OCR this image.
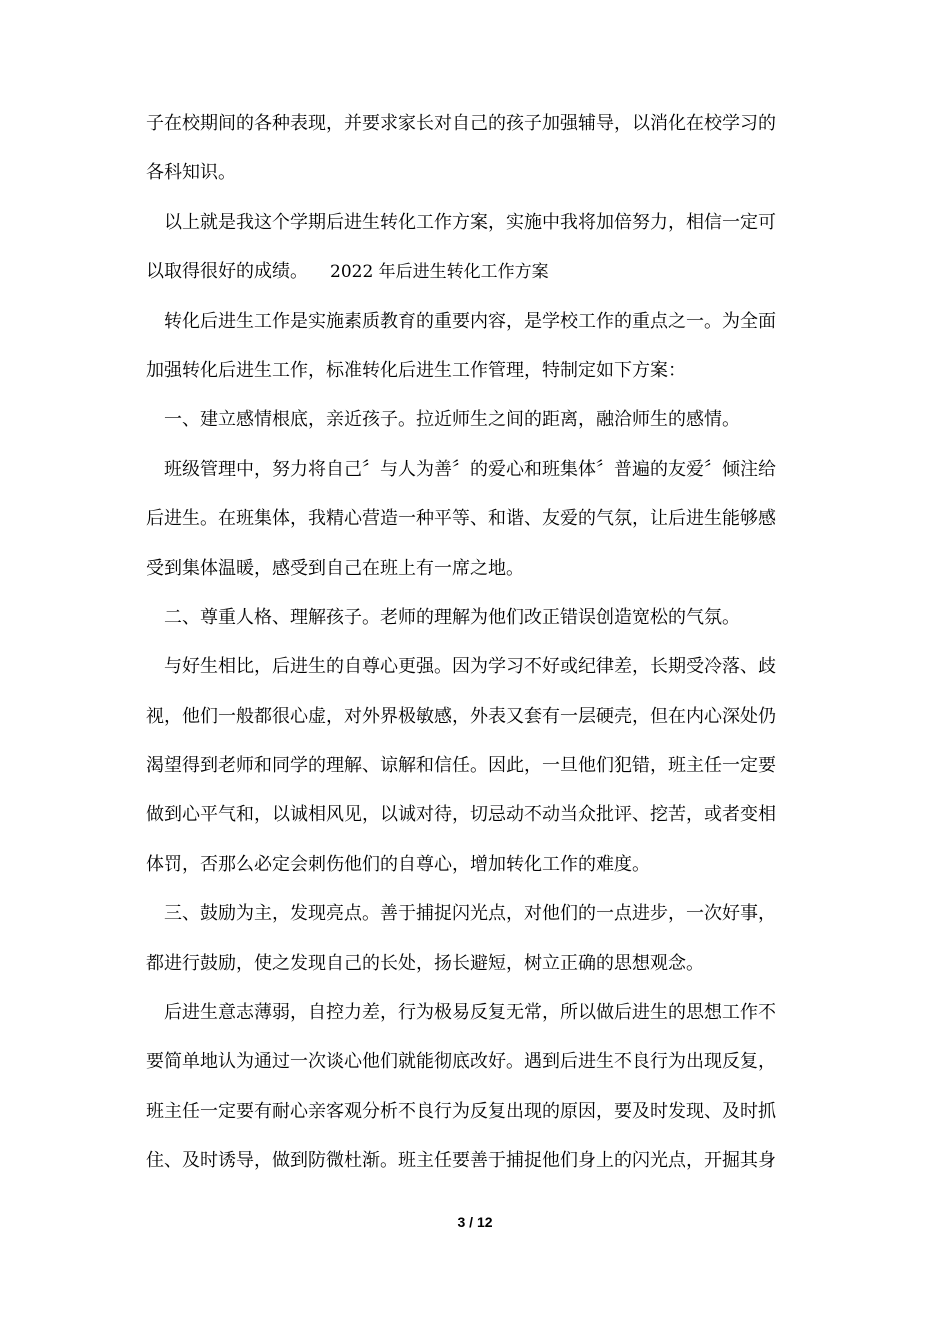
子在校期间的各种表现，并要求家长对自己的孩子加强辅导，以消化在校学习的
各科知识。
以上就是我这个学期后进生转化工作方案，实施中我将加倍努力，相信一定可
以取得很好的成绩。 2022 年后进生转化工作方案
转化后进生工作是实施素质教育的重要内容，是学校工作的重点之一。为全面
加强转化后进生工作，标准转化后进生工作管理，特制定如下方案：
一、建立感情根底，亲近孩子。拉近师生之间的距离，融洽师生的感情。
班级管理中，努力将自己〞与人为善〞的爱心和班集体〞普遍的友爱〞倾注给
后进生。在班集体，我精心营造一种平等、和谐、友爱的气氛，让后进生能够感
受到集体温暖，感受到自己在班上有一席之地。
二、尊重人格、理解孩子。老师的理解为他们改正错误创造宽松的气氛。
与好生相比，后进生的自尊心更强。因为学习不好或纪律差，长期受冷落、歧
视，他们一般都很心虚，对外界极敏感，外表又套有一层硬壳，但在内心深处仍
渴望得到老师和同学的理解、谅解和信任。因此，一旦他们犯错，班主任一定要
做到心平气和，以诚相风见，以诚对待，切忌动不动当众批评、挖苦，或者变相
体罚，否那么必定会刺伤他们的自尊心，增加转化工作的难度。
三、鼓励为主，发现亮点。善于捕捉闪光点，对他们的一点进步，一次好事，
都进行鼓励，使之发现自己的长处，扬长避短，树立正确的思想观念。
后进生意志薄弱，自控力差，行为极易反复无常，所以做后进生的思想工作不
要简单地认为通过一次谈心他们就能彻底改好。遇到后进生不良行为出现反复，
班主任一定要有耐心亲客观分析不良行为反复出现的原因，要及时发现、及时抓
住、及时诱导，做到防微杜渐。班主任要善于捕捉他们身上的闪光点，开掘其身
3 / 12
